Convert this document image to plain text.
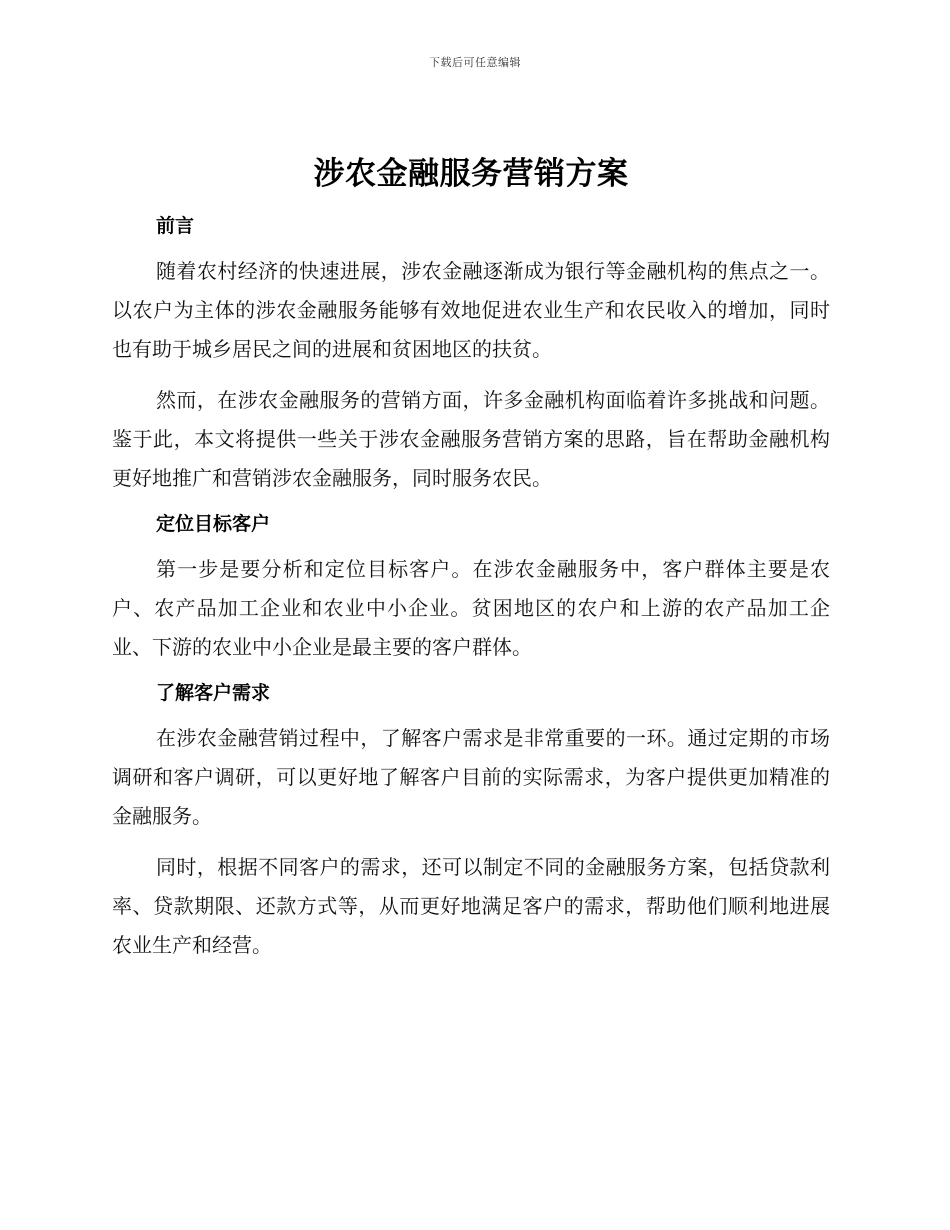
下载后可任意编辑
涉农金融服务营销方案
前言

随着农村经济的快速进展，涉农金融逐渐成为银行等金融机构的焦点之一。以农户为主体的涉农金融服务能够有效地促进农业生产和农民收入的增加，同时也有助于城乡居民之间的进展和贫困地区的扶贫。

然而，在涉农金融服务的营销方面，许多金融机构面临着许多挑战和问题。鉴于此，本文将提供一些关于涉农金融服务营销方案的思路，旨在帮助金融机构更好地推广和营销涉农金融服务，同时服务农民。

定位目标客户

第一步是要分析和定位目标客户。在涉农金融服务中，客户群体主要是农户、农产品加工企业和农业中小企业。贫困地区的农户和上游的农产品加工企业、下游的农业中小企业是最主要的客户群体。

了解客户需求

在涉农金融营销过程中，了解客户需求是非常重要的一环。通过定期的市场调研和客户调研，可以更好地了解客户目前的实际需求，为客户提供更加精准的金融服务。

同时，根据不同客户的需求，还可以制定不同的金融服务方案，包括贷款利率、贷款期限、还款方式等，从而更好地满足客户的需求，帮助他们顺利地进展农业生产和经营。
